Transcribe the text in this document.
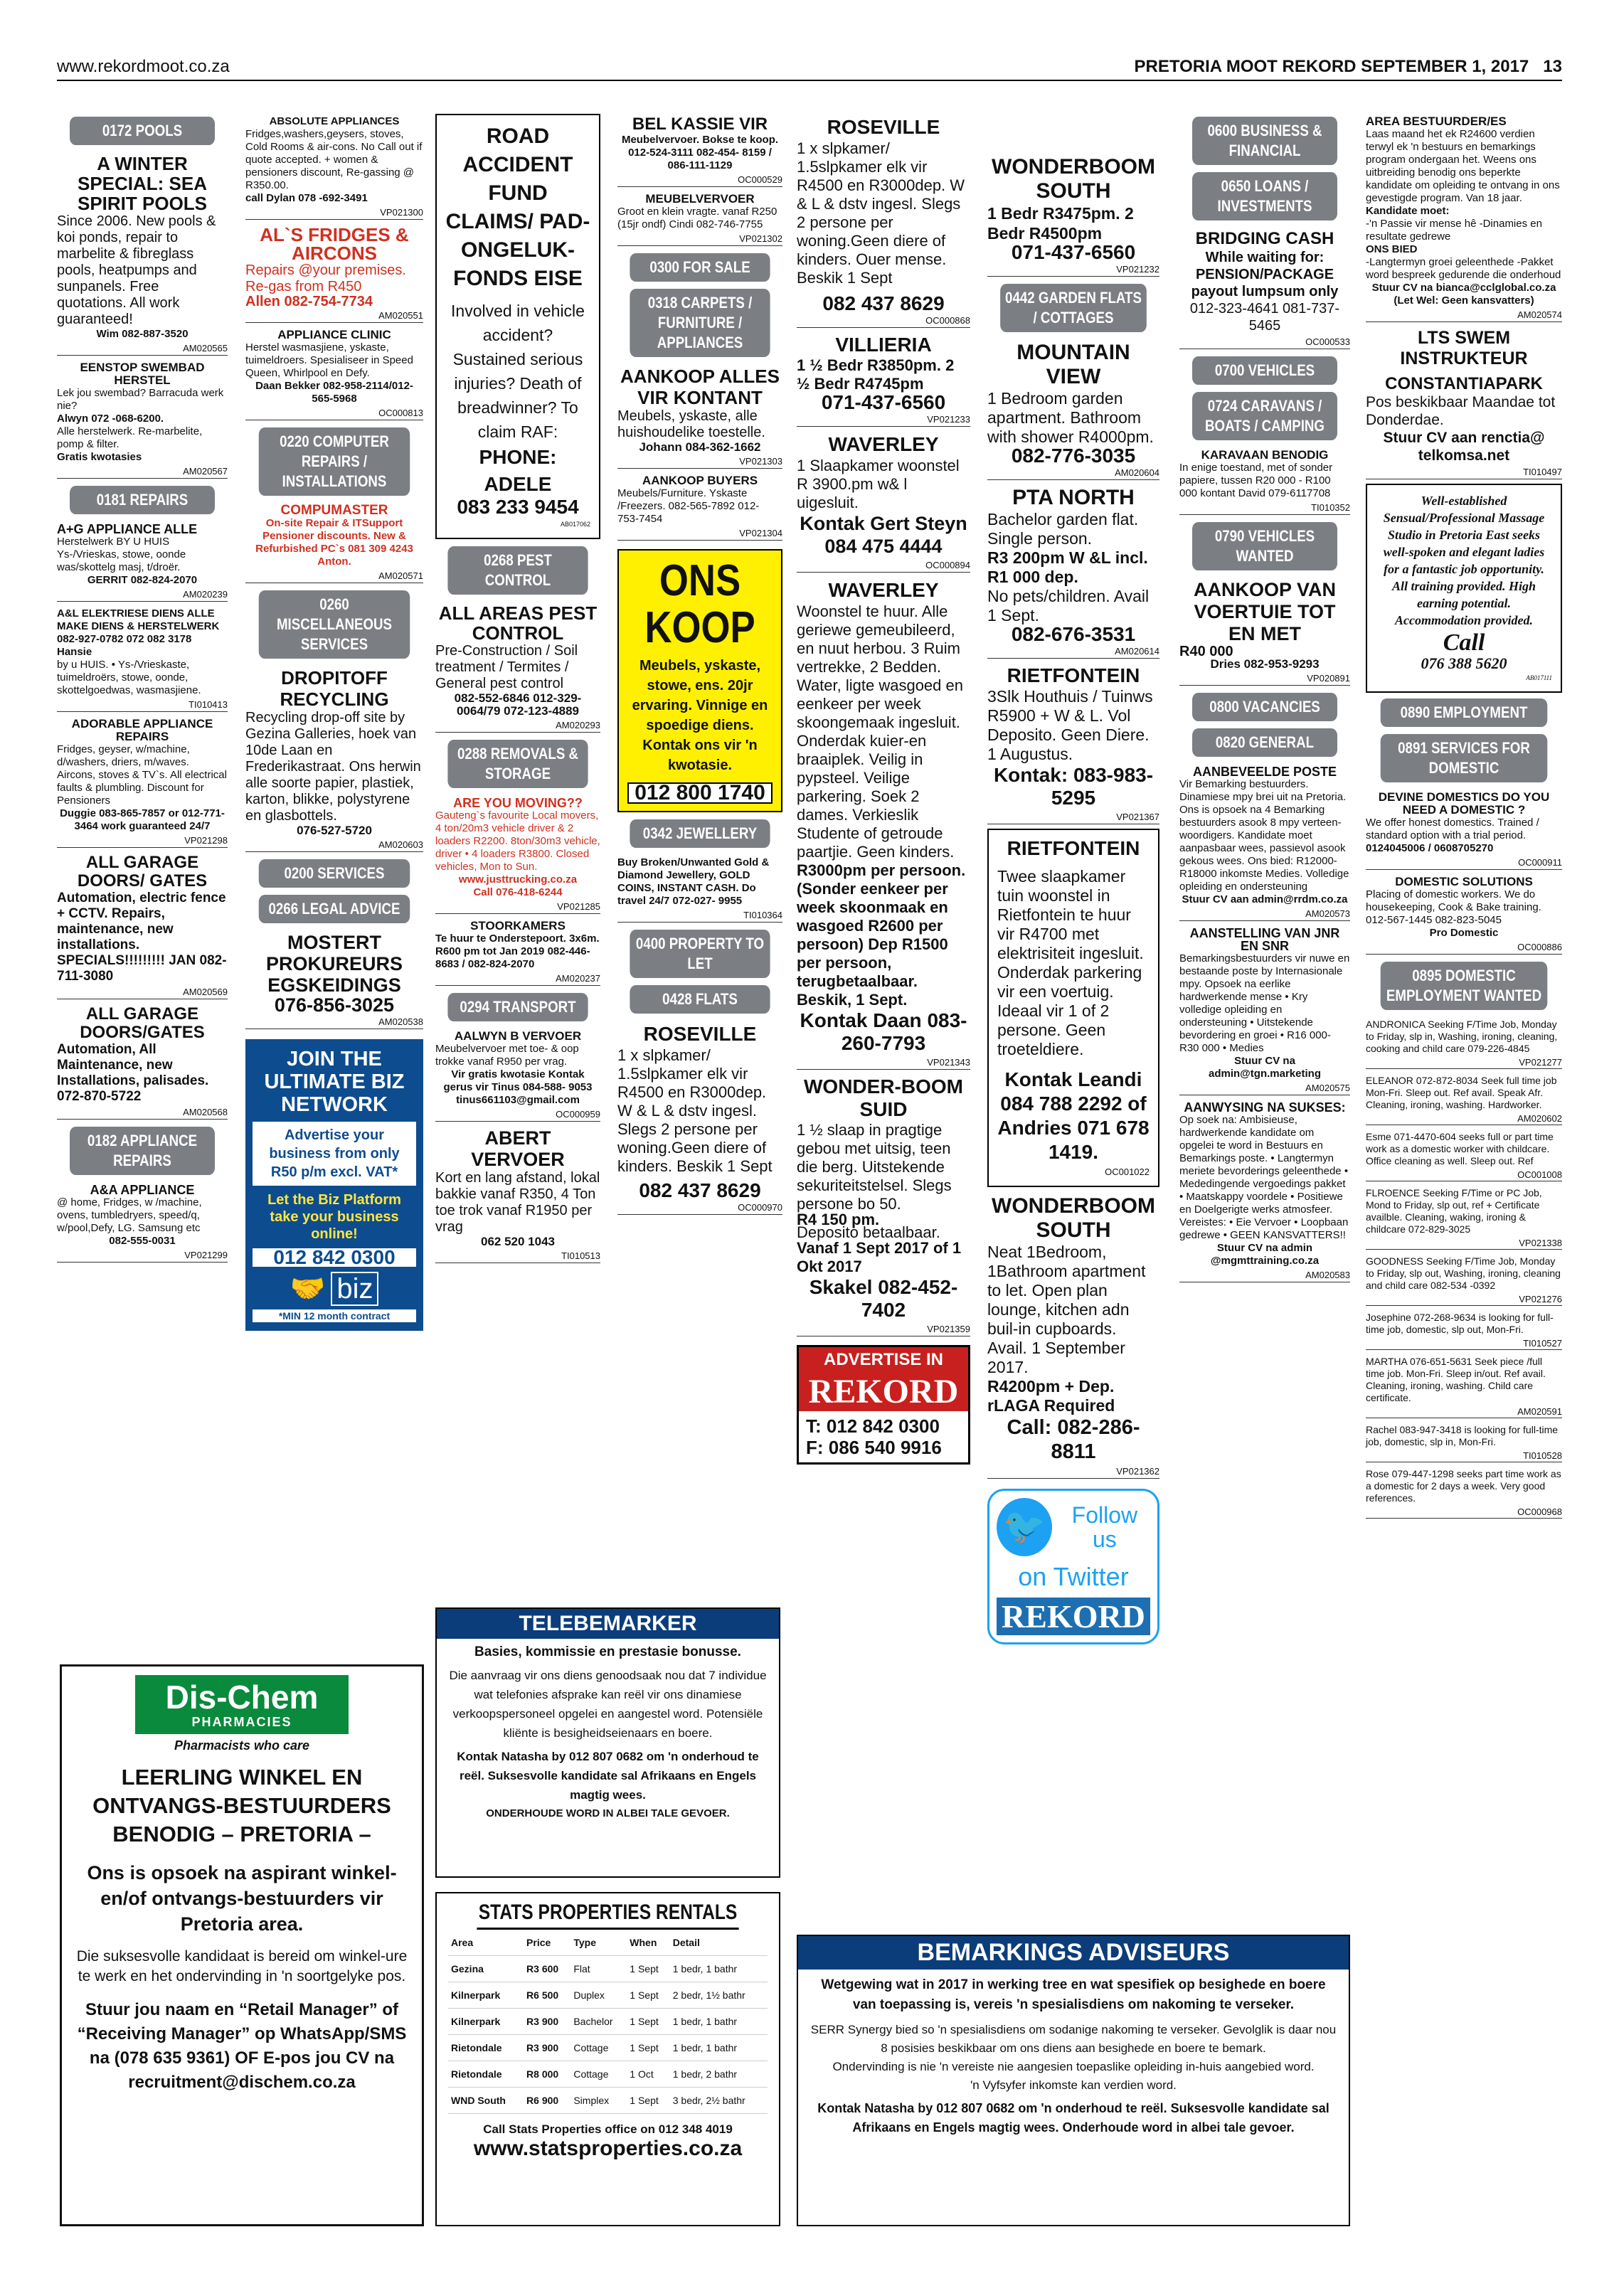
www.rekordmoot.co.za	PRETORIA MOOT REKORD SEPTEMBER 1, 2017 13
0172 POOLS
A WINTER SPECIAL: SEA SPIRIT POOLS
Since 2006. New pools & koi ponds, repair to marbelite & fibreglass pools, heatpumps and sunpanels. Free quotations. All work guaranteed!
Wim 082-887-3520
AM020565
EENSTOP SWEMBAD HERSTEL
Lek jou swembad? Barracuda werk nie?
Alwyn 072 -068-6200.
Alle herstelwerk. Re-marbelite, pomp & filter.
Gratis kwotasies
AM020567
0181 REPAIRS
A+G APPLIANCE ALLE
Herstelwerk BY U HUIS Ys-/Vrieskas, stowe, oonde was/skottelg masj, t/droër.
GERRIT 082-824-2070
AM020239
A&L ELEKTRIESE DIENS ALLE MAKE DIENS & HERSTELWERK
082-927-0782 072 082 3178 Hansie
by u HUIS. • Ys-/Vrieskaste, tuimeldroërs, stowe, oonde, skottelgoedwas, wasmasjiene.
TI010413
ADORABLE APPLIANCE REPAIRS
Fridges, geyser, w/machine, d/washers, driers, m/waves. Aircons, stoves & TV`s. All electrical faults & plumbling. Discount for Pensioners
Duggie 083-865-7857 or 012-771-3464 work guaranteed 24/7
VP021298
ALL GARAGE DOORS/ GATES
Automation, electric fence + CCTV. Repairs, maintenance, new installations. SPECIALS!!!!!!!!! JAN 082-711-3080
AM020569
ALL GARAGE DOORS/GATES
Automation, All Maintenance, new Installations, palisades. 072-870-5722
AM020568
0182 APPLIANCE REPAIRS
A&A APPLIANCE
@ home, Fridges, w /machine, ovens, tumbledryers, speed/q, w/pool,Defy, LG. Samsung etc
082-555-0031
VP021299
ABSOLUTE APPLIANCES
Fridges,washers,geysers, stoves, Cold Rooms & air-cons. No Call out if quote accepted. + women & pensioners discount, Re-gassing @ R350.00.
call Dylan 078 -692-3491
VP021300
AL`S FRIDGES & AIRCONS
Repairs @your premises. Re-gas from R450
Allen 082-754-7734
AM020551
APPLIANCE CLINIC
Herstel wasmasjiene, yskaste, tuimeldroers. Spesialiseer in Speed Queen, Whirlpool en Defy.
Daan Bekker 082-958-2114/012-565-5968
OC000813
0220 COMPUTER REPAIRS / INSTALLATIONS
COMPUMASTER
On-site Repair & ITSupport Pensioner discounts. New & Refurbished PC`s 081 309 4243 Anton.
AM020571
0260 MISCELLANEOUS SERVICES
DROPITOFF RECYCLING
Recycling drop-off site by Gezina Galleries, hoek van 10de Laan en Frederikastraat. Ons herwin alle soorte papier, plastiek, karton, blikke, polystyrene en glasbottels.
076-527-5720
AM020603
0200 SERVICES
0266 LEGAL ADVICE
MOSTERT PROKUREURS EGSKEIDINGS
076-856-3025
AM020538
JOIN THE ULTIMATE BIZ NETWORK
Advertise your business from only R50 p/m excl. VAT*
Let the Biz Platform take your business online!
012 842 0300
🤝 biz
*MIN 12 month contract
ROAD ACCIDENT FUND CLAIMS/ PAD-ONGELUK-FONDS EISE
Involved in vehicle accident? Sustained serious injuries? Death of breadwinner? To claim RAF:
PHONE: ADELE
083 233 9454
AB017062
0268 PEST CONTROL
ALL AREAS PEST CONTROL
Pre-Construction / Soil treatment / Termites / General pest control
082-552-6846 012-329-0064/79 072-123-4889
AM020293
0288 REMOVALS & STORAGE
ARE YOU MOVING??
Gauteng`s favourite Local movers, 4 ton/20m3 vehicle driver & 2 loaders R2200. 8ton/30m3 vehicle, driver • 4 loaders R3800. Closed vehicles, Mon to Sun.
www.justtrucking.co.za
Call 076-418-6244
VP021285
STOORKAMERS
Te huur te Onderstepoort. 3x6m. R600 pm tot Jan 2019 082-446-8683 / 082-824-2070
AM020237
0294 TRANSPORT
AALWYN B VERVOER
Meubelvervoer met toe- & oop trokke vanaf R950 per vrag.
Vir gratis kwotasie Kontak gerus vir Tinus 084-588- 9053 tinus661103@gmail.com
OC000959
ABERT VERVOER
Kort en lang afstand, lokal bakkie vanaf R350, 4 Ton toe trok vanaf R1950 per vrag
062 520 1043
TI010513
BEL KASSIE VIR
Meubelvervoer. Bokse te koop. 012-524-3111 082-454- 8159 / 086-111-1129
OC000529
MEUBELVERVOER
Groot en klein vragte. vanaf R250 (15jr ondf) Cindi 082-746-7755
VP021302
0300 FOR SALE
0318 CARPETS / FURNITURE / APPLIANCES
AANKOOP ALLES VIR KONTANT
Meubels, yskaste, alle huishoudelike toestelle.
Johann 084-362-1662
VP021303
AANKOOP BUYERS
Meubels/Furniture. Yskaste /Freezers. 082-565-7892 012- 753-7454
VP021304
ONS KOOP
Meubels, yskaste, stowe, ens. 20jr ervaring. Vinnige en spoedige diens. Kontak ons vir 'n kwotasie.
012 800 1740
0342 JEWELLERY
Buy Broken/Unwanted Gold & Diamond Jewellery, GOLD COINS, INSTANT CASH. Do travel 24/7 072-027- 9955
TI010364
0400 PROPERTY TO LET
0428 FLATS
ROSEVILLE
1 x slpkamer/ 1.5slpkamer elk vir R4500 en R3000dep. W & L & dstv ingesl. Slegs 2 persone per woning.Geen diere of kinders. Beskik 1 Sept
082 437 8629
OC000970
ROSEVILLE
1 x slpkamer/ 1.5slpkamer elk vir R4500 en R3000dep. W & L & dstv ingesl. Slegs 2 persone per woning.Geen diere of kinders. Ouer mense. Beskik 1 Sept
082 437 8629
OC000868
VILLIERIA
1 ½ Bedr R3850pm. 2 ½ Bedr R4745pm
071-437-6560
VP021233
WAVERLEY
1 Slaapkamer woonstel R 3900.pm w& l uigesluit.
Kontak Gert Steyn 084 475 4444
OC000894
WAVERLEY
Woonstel te huur. Alle geriewe gemeubileerd, en nuut herbou. 3 Ruim vertrekke, 2 Bedden. Water, ligte wasgoed en eenkeer per week skoongemaak ingesluit. Onderdak kuier-en braaiplek. Veilig in pypsteel. Veilige parkering. Soek 2 dames. Verkieslik Studente of getroude paartjie. Geen kinders.
R3000pm per persoon.(Sonder eenkeer per week skoonmaak en wasgoed R2600 per persoon) Dep R1500 per persoon, terugbetaalbaar. Beskik, 1 Sept.
Kontak Daan 083-260-7793
VP021343
WONDER-BOOM SUID
1 ½ slaap in pragtige gebou met uitsig, teen die berg. Uitstekende sekuriteitstelsel. Slegs persone bo 50.
R4 150 pm.
Deposito betaalbaar.
Vanaf 1 Sept 2017 of 1 Okt 2017
Skakel 082-452-7402
VP021359
ADVERTISE IN
REKORD
T: 012 842 0300
F: 086 540 9916
WONDERBOOM SOUTH
1 Bedr R3475pm. 2 Bedr R4500pm
071-437-6560
VP021232
0442 GARDEN FLATS / COTTAGES
MOUNTAIN VIEW
1 Bedroom garden apartment. Bathroom with shower R4000pm.
082-776-3035
AM020604
PTA NORTH
Bachelor garden flat. Single person.
R3 200pm W &L incl. R1 000 dep.
No pets/children. Avail 1 Sept.
082-676-3531
AM020614
RIETFONTEIN
3Slk Houthuis / Tuinws R5900 + W & L. Vol Deposito. Geen Diere. 1 Augustus.
Kontak: 083-983-5295
VP021367
RIETFONTEIN
Twee slaapkamer tuin woonstel in Rietfontein te huur vir R4700 met elektrisiteit ingesluit. Onderdak parkering vir een voertuig. Ideaal vir 1 of 2 persone. Geen troeteldiere.
Kontak Leandi 084 788 2292 of Andries 071 678 1419.
OC001022
WONDERBOOM SOUTH
Neat 1Bedroom, 1Bathroom apartment to let. Open plan lounge, kitchen adn buil-in cupboards. Avail. 1 September 2017.
R4200pm + Dep. rLAGA Required
Call: 082-286-8811
VP021362
🐦	Follow us
on Twitter
REKORD
0600 BUSINESS & FINANCIAL
0650 LOANS / INVESTMENTS
BRIDGING CASH
While waiting for: PENSION/PACKAGE payout lumpsum only
012-323-4641 081-737-5465
OC000533
0700 VEHICLES
0724 CARAVANS / BOATS / CAMPING
KARAVAAN BENODIG
In enige toestand, met of sonder papiere, tussen R20 000 - R100 000 kontant David 079-6117708
TI010352
0790 VEHICLES WANTED
AANKOOP VAN VOERTUIE TOT EN MET
R40 000
Dries 082-953-9293
VP020891
0800 VACANCIES
0820 GENERAL
AANBEVEELDE POSTE
Vir Bemarking bestuurders. Dinamiese mpy brei uit na Pretoria. Ons is opsoek na 4 Bemarking bestuurders asook 8 mpy verteen-woordigers. Kandidate moet aanpasbaar wees, passievol asook gekous wees. Ons bied: R12000- R18000 inkomste Medies. Volledige opleiding en ondersteuning
Stuur CV aan admin@rrdm.co.za
AM020573
AANSTELLING VAN JNR EN SNR
Bemarkingsbestuurders vir nuwe en bestaande poste by Internasionale mpy. Opsoek na eerlike hardwerkende mense • Kry volledige opleiding en ondersteuning • Uitstekende bevordering en groei • R16 000-R30 000 • Medies
Stuur CV na admin@tgn.marketing
AM020575
AANWYSING NA SUKSES:
Op soek na: Ambisieuse, hardwerkende kandidate om opgelei te word in Bestuurs en Bemarkings poste. • Langtermyn meriete bevorderings geleenthede • Mededingende vergoedings pakket • Maatskappy voordele • Positiewe en Doelgerigte werks atmosfeer. Vereistes: • Eie Vervoer • Loopbaan gedrewe • GEEN KANSVATTERS!!
Stuur CV na admin @mgmttraining.co.za
AM020583
AREA BESTUURDER/ES
Laas maand het ek R24600 verdien terwyl ek 'n bestuurs en bemarkings program ondergaan het. Weens ons uitbreiding benodig ons beperkte kandidate om opleiding te ontvang in ons gevestigde program. Van 18 jaar.
Kandidate moet:
-'n Passie vir mense hê -Dinamies en resultate gedrewe
ONS BIED
-Langtermyn groei geleenthede -Pakket word bespreek gedurende die onderhoud
Stuur CV na bianca@cclglobal.co.za (Let Wel: Geen kansvatters)
AM020574
LTS SWEM INSTRUKTEUR
CONSTANTIAPARK
Pos beskikbaar Maandae tot Donderdae.
Stuur CV aan renctia@ telkomsa.net
TI010497
Well-established Sensual/Professional Massage Studio in Pretoria East seeks well-spoken and elegant ladies for a fantastic job opportunity. All training provided. High earning potential. Accommodation provided.
Call
076 388 5620
AB017111
0890 EMPLOYMENT
0891 SERVICES FOR DOMESTIC
DEVINE DOMESTICS DO YOU NEED A DOMESTIC ?
We offer honest domestics. Trained / standard option with a trial period.
0124045006 / 0608705270
OC000911
DOMESTIC SOLUTIONS
Placing of domestic workers. We do housekeeping, Cook & Bake training. 012-567-1445 082-823-5045
Pro Domestic
OC000886
0895 DOMESTIC EMPLOYMENT WANTED
ANDRONICA Seeking F/Time Job, Monday to Friday, slp in, Washing, ironing, cleaning, cooking and child care 079-226-4845
VP021277
ELEANOR 072-872-8034 Seek full time job Mon-Fri. Sleep out. Ref avail. Speak Afr. Cleaning, ironing, washing. Hardworker.
AM020602
Esme 071-4470-604 seeks full or part time work as a domestic worker with childcare. Office cleaning as well. Sleep out. Ref
OC001008
FLROENCE Seeking F/Time or PC Job, Mond to Friday, slp out, ref + Certificate availble. Cleaning, waking, ironing & childcare 072-829-3025
VP021338
GOODNESS Seeking F/Time Job, Monday to Friday, slp out, Washing, ironing, cleaning and child care 082-534 -0392
VP021276
Josephine 072-268-9634 is looking for full-time job, domestic, slp out, Mon-Fri.
TI010527
MARTHA 076-651-5631 Seek piece /full time job. Mon-Fri. Sleep in/out. Ref avail. Cleaning, ironing, washing. Child care certificate.
AM020591
Rachel 083-947-3418 is looking for full-time job, domestic, slp in, Mon-Fri.
TI010528
Rose 079-447-1298 seeks part time work as a domestic for 2 days a week. Very good references.
OC000968
Dis-Chem
PHARMACIES
Pharmacists who care
LEERLING WINKEL EN ONTVANGS-BESTUURDERS BENODIG – PRETORIA –
Ons is opsoek na aspirant winkel- en/of ontvangs-bestuurders vir Pretoria area.
Die suksesvolle kandidaat is bereid om winkel-ure te werk en het ondervinding in 'n soortgelyke pos.
Stuur jou naam en “Retail Manager” of “Receiving Manager” op WhatsApp/SMS na (078 635 9361) OF E-pos jou CV na recruitment@dischem.co.za
TELEBEMARKER
Basies, kommissie en prestasie bonusse.
Die aanvraag vir ons diens genoodsaak nou dat 7 individue wat telefonies afsprake kan reël vir ons dinamiese verkoopspersoneel opgelei en aangestel word. Potensiële kliënte is besigheidseienaars en boere.
Kontak Natasha by 012 807 0682 om 'n onderhoud te reël. Suksesvolle kandidate sal Afrikaans en Engels magtig wees.
ONDERHOUDE WORD IN ALBEI TALE GEVOER.
STATS PROPERTIES RENTALS
Area	Price	Type	When	Detail
Gezina	R3 600	Flat	1 Sept	1 bedr, 1 bathr
Kilnerpark	R6 500	Duplex	1 Sept	2 bedr, 1½ bathr
Kilnerpark	R3 900	Bachelor	1 Sept	1 bedr, 1 bathr
Rietondale	R3 900	Cottage	1 Sept	1 bedr, 1 bathr
Rietondale	R8 000	Cottage	1 Oct	1 bedr, 2 bathr
WND South	R6 900	Simplex	1 Sept	3 bedr, 2½ bathr
Call Stats Properties office on 012 348 4019
www.statsproperties.co.za
BEMARKINGS ADVISEURS
Wetgewing wat in 2017 in werking tree en wat spesifiek op besighede en boere van toepassing is, vereis 'n spesialisdiens om nakoming te verseker.
SERR Synergy bied so 'n spesialisdiens om sodanige nakoming te verseker. Gevolglik is daar nou 8 posisies beskikbaar om ons diens aan besighede en boere te bemark.
Ondervinding is nie 'n vereiste nie aangesien toepaslike opleiding in-huis aangebied word.
'n Vyfsyfer inkomste kan verdien word.
Kontak Natasha by 012 807 0682 om 'n onderhoud te reël. Suksesvolle kandidate sal Afrikaans en Engels magtig wees. Onderhoude word in albei tale gevoer.
